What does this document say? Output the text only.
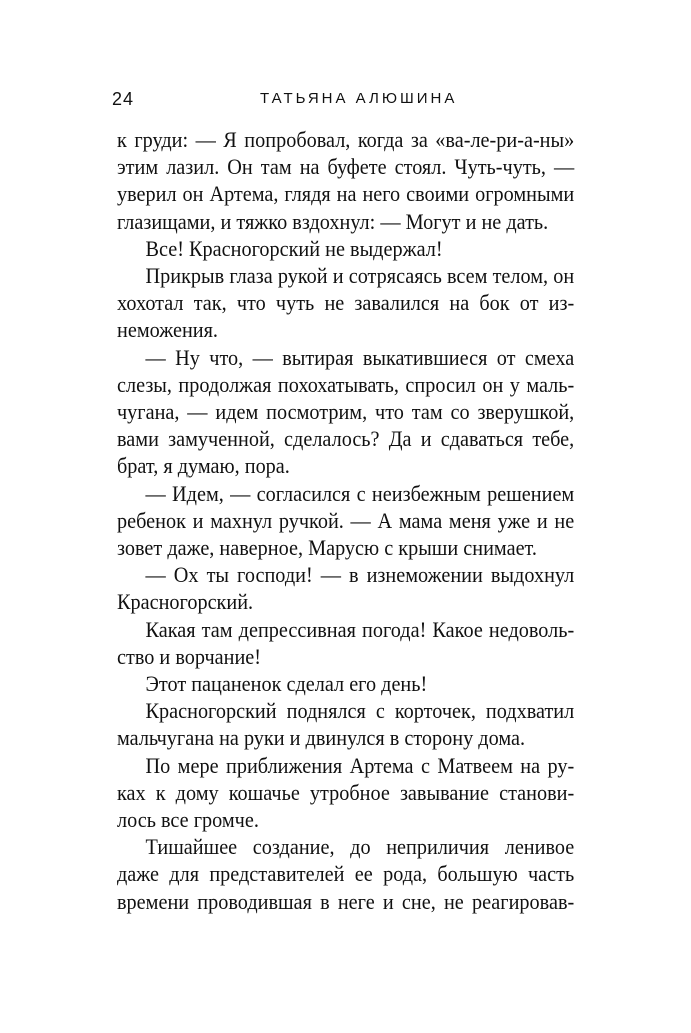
24	ТАТЬЯНА АЛЮШИНА

к груди: — Я попробовал, когда за «ва-ле-ри-а-ны» этим лазил. Он там на буфете стоял. Чуть-чуть, — уверил он Артема, глядя на него своими огромными глазищами, и тяжко вздохнул: — Могут и не дать.

Все! Красногорский не выдержал!

Прикрыв глаза рукой и сотрясаясь всем телом, он хохотал так, что чуть не завалился на бок от изнеможения.

— Ну что, — вытирая выкатившиеся от смеха слезы, продолжая похохатывать, спросил он у мальчугана, — идем посмотрим, что там со зверушкой, вами замученной, сделалось? Да и сдаваться тебе, брат, я думаю, пора.

— Идем, — согласился с неизбежным решением ребенок и махнул ручкой. — А мама меня уже и не зовет даже, наверное, Марусю с крыши снимает.

— Ох ты господи! — в изнеможении выдохнул Красногорский.

Какая там депрессивная погода! Какое недовольство и ворчание!

Этот пацаненок сделал его день!

Красногорский поднялся с корточек, подхватил мальчугана на руки и двинулся в сторону дома.

По мере приближения Артема с Матвеем на руках к дому кошачье утробное завывание становилось все громче.

Тишайшее создание, до неприличия ленивое даже для представителей ее рода, большую часть времени проводившая в неге и сне, не реагировав-
